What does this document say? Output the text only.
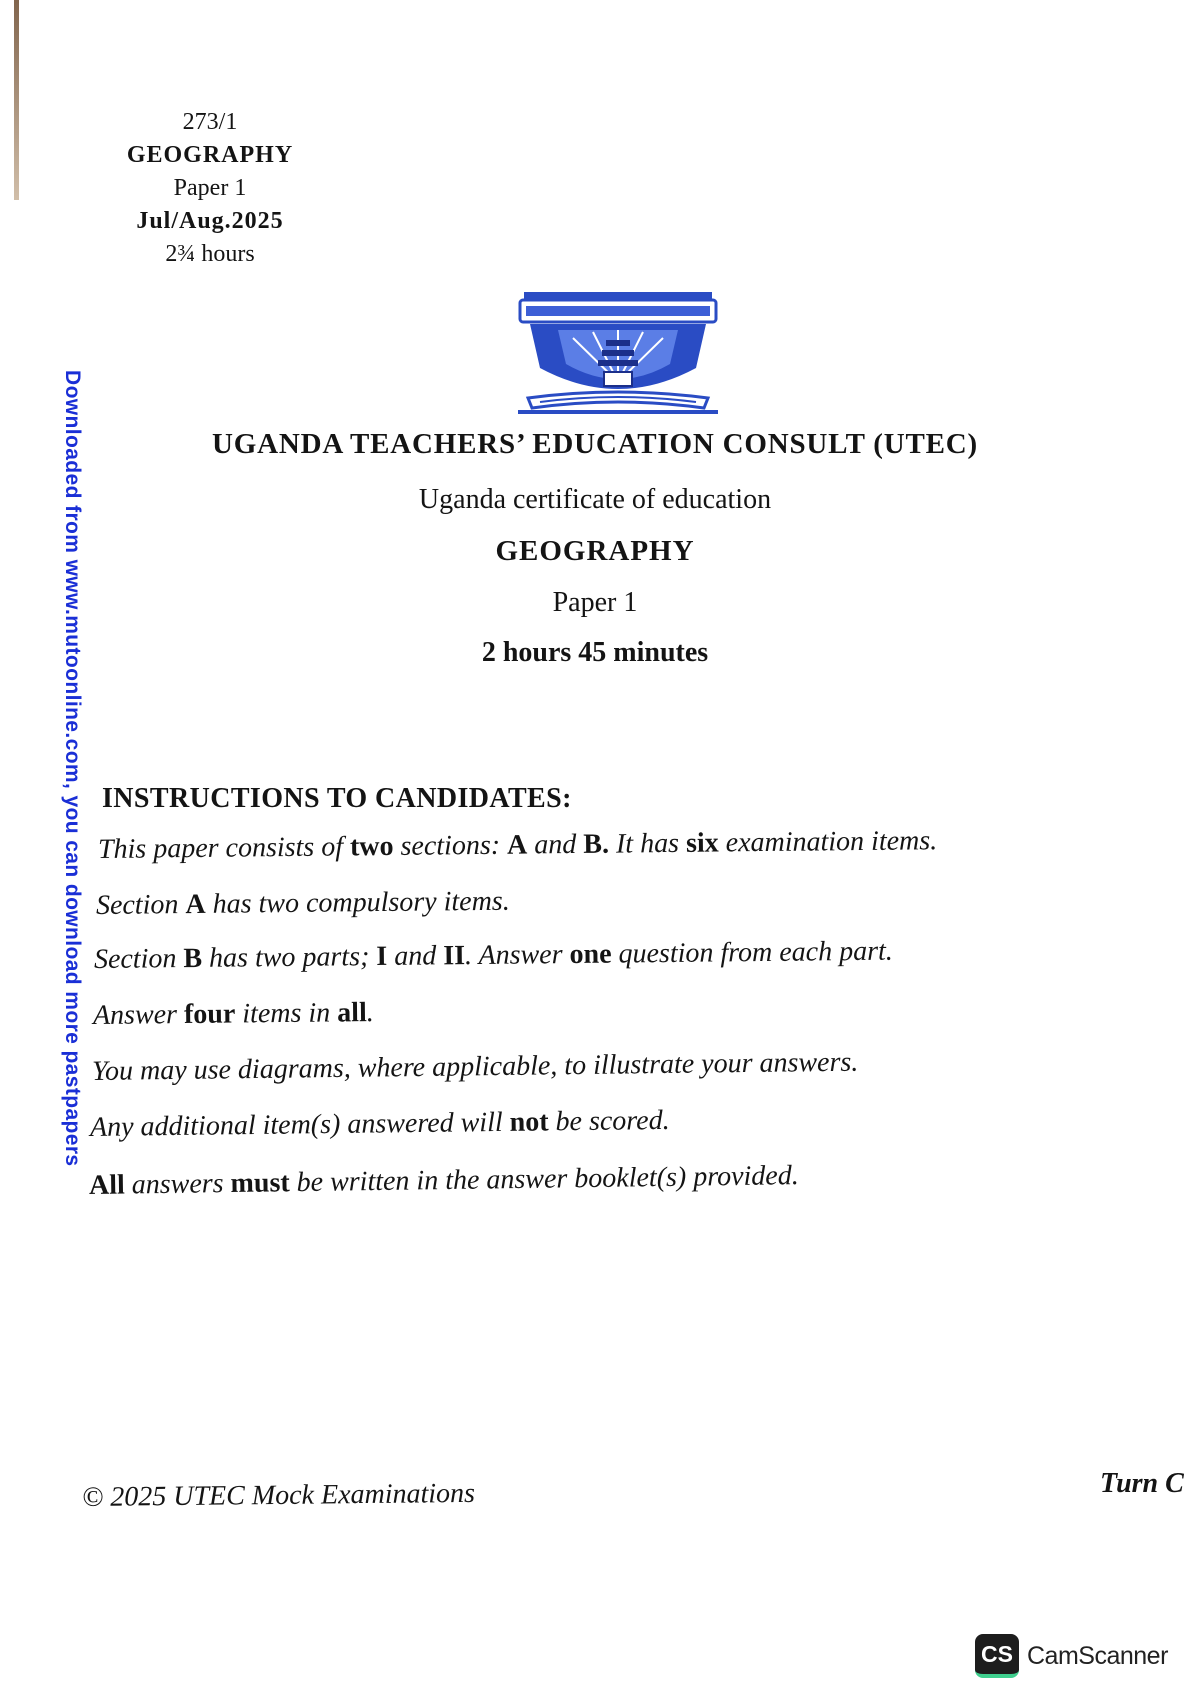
273/1
GEOGRAPHY
Paper 1
Jul/Aug.2025
2¾ hours
Downloaded from www.mutoonline.com, you can download more pastpapers	UGANDA TEACHERS’ EDUCATION CONSULT (UTEC)
Uganda certificate of education
GEOGRAPHY
Paper 1
2 hours 45 minutes
INSTRUCTIONS TO CANDIDATES:
This paper consists of two sections: A and B. It has six examination items.
Section A has two compulsory items.
Section B has two parts; I and II. Answer one question from each part.
Answer four items in all.
You may use diagrams, where applicable, to illustrate your answers.
Any additional item(s) answered will not be scored.
All answers must be written in the answer booklet(s) provided.
© 2025 UTEC Mock Examinations	Turn C
CS CamScanner
